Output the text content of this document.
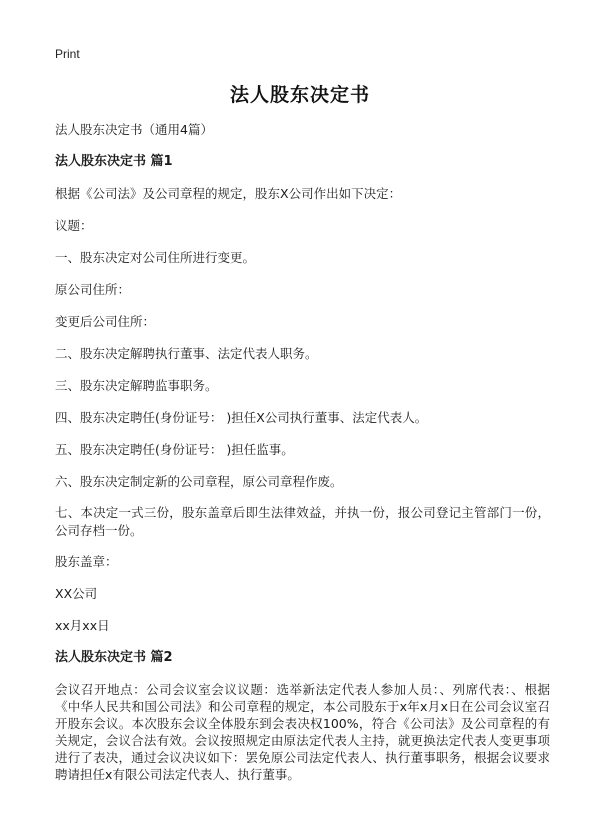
Print
法人股东决定书
法人股东决定书（通用4篇）
法人股东决定书 篇1
根据《公司法》及公司章程的规定，股东X公司作出如下决定：
议题：
一、股东决定对公司住所进行变更。
原公司住所：
变更后公司住所：
二、股东决定解聘执行董事、法定代表人职务。
三、股东决定解聘监事职务。
四、股东决定聘任(身份证号： )担任X公司执行董事、法定代表人。
五、股东决定聘任(身份证号： )担任监事。
六、股东决定制定新的公司章程，原公司章程作废。
七、本决定一式三份，股东盖章后即生法律效益，并执一份，报公司登记主管部门一份，公司存档一份。
股东盖章：
XX公司
xx月xx日
法人股东决定书 篇2
会议召开地点：公司会议室会议议题：选举新法定代表人参加人员：、列席代表：、根据《中华人民共和国公司法》和公司章程的规定，本公司股东于x年x月x日在公司会议室召开股东会议。本次股东会议全体股东到会表决权100%，符合《公司法》及公司章程的有关规定，会议合法有效。会议按照规定由原法定代表人主持，就更换法定代表人变更事项进行了表决，通过会议决议如下：罢免原公司法定代表人、执行董事职务，根据会议要求聘请担任x有限公司法定代表人、执行董事。
